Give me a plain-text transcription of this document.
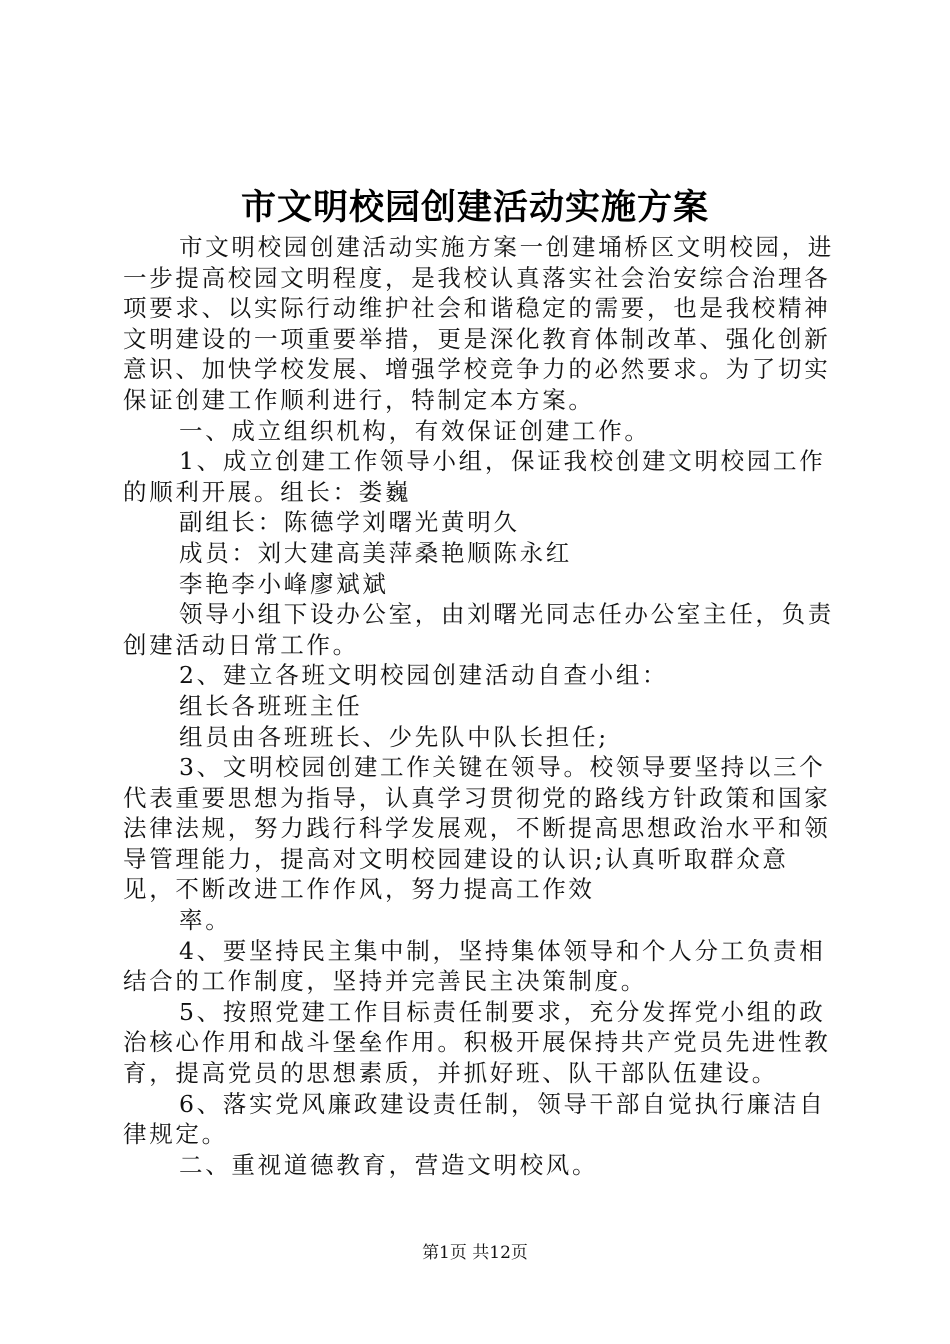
市文明校园创建活动实施方案

市文明校园创建活动实施方案一创建埇桥区文明校园，进一步提高校园文明程度，是我校认真落实社会治安综合治理各项要求、以实际行动维护社会和谐稳定的需要，也是我校精神文明建设的一项重要举措，更是深化教育体制改革、强化创新意识、加快学校发展、增强学校竞争力的必然要求。为了切实保证创建工作顺利进行，特制定本方案。

一、成立组织机构，有效保证创建工作。

1、成立创建工作领导小组，保证我校创建文明校园工作的顺利开展。组长：娄巍

副组长：陈德学刘曙光黄明久

成员：刘大建高美萍桑艳顺陈永红

李艳李小峰廖斌斌

领导小组下设办公室，由刘曙光同志任办公室主任，负责创建活动日常工作。

2、建立各班文明校园创建活动自查小组：

组长各班班主任

组员由各班班长、少先队中队长担任;

3、文明校园创建工作关键在领导。校领导要坚持以三个代表重要思想为指导，认真学习贯彻党的路线方针政策和国家法律法规，努力践行科学发展观，不断提高思想政治水平和领导管理能力，提高对文明校园建设的认识;认真听取群众意见，不断改进工作作风，努力提高工作效

率。

4、要坚持民主集中制，坚持集体领导和个人分工负责相结合的工作制度，坚持并完善民主决策制度。

5、按照党建工作目标责任制要求，充分发挥党小组的政治核心作用和战斗堡垒作用。积极开展保持共产党员先进性教育，提高党员的思想素质，并抓好班、队干部队伍建设。

6、落实党风廉政建设责任制，领导干部自觉执行廉洁自律规定。

二、重视道德教育，营造文明校风。

第1页 共12页
